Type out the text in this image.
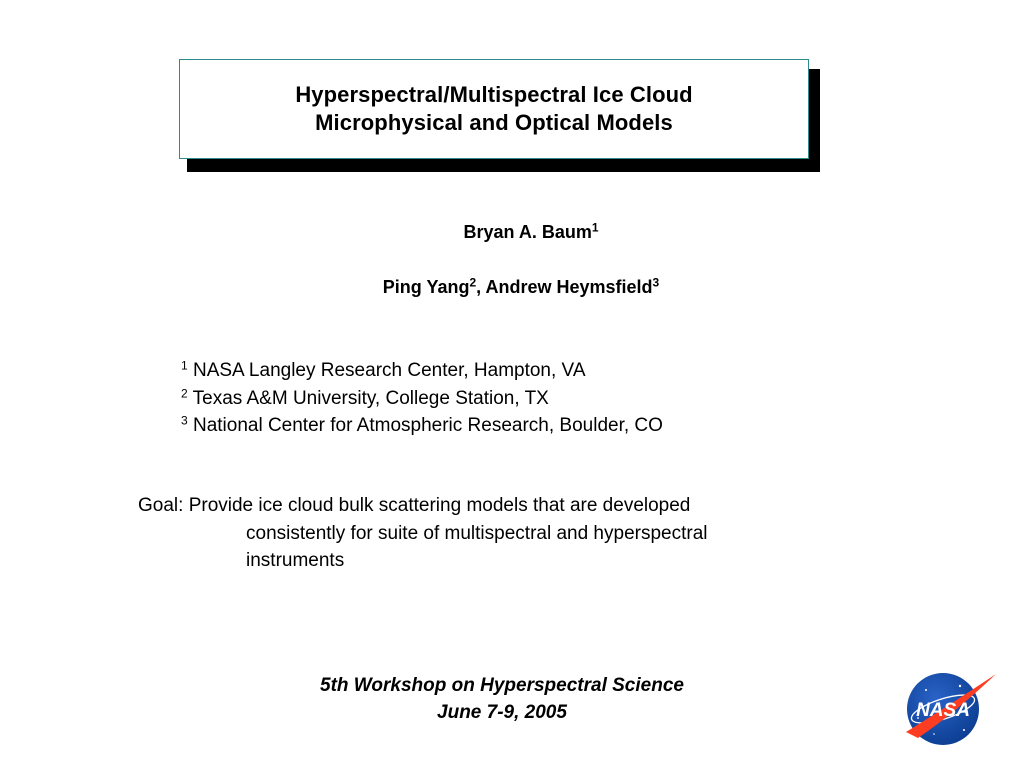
Hyperspectral/Multispectral Ice Cloud
Microphysical and Optical Models
Bryan A. Baum$^1$
Ping Yang$^2$, Andrew Heymsfield$^3$
$^1$ NASA Langley Research Center, Hampton, VA
$^2$ Texas A&M University, College Station, TX
$^3$ National Center for Atmospheric Research, Boulder, CO
Goal: Provide ice cloud bulk scattering models that are developed
consistently for suite of multispectral and hyperspectral
instruments
5th Workshop on Hyperspectral Science
June 7-9, 2005	NASA
